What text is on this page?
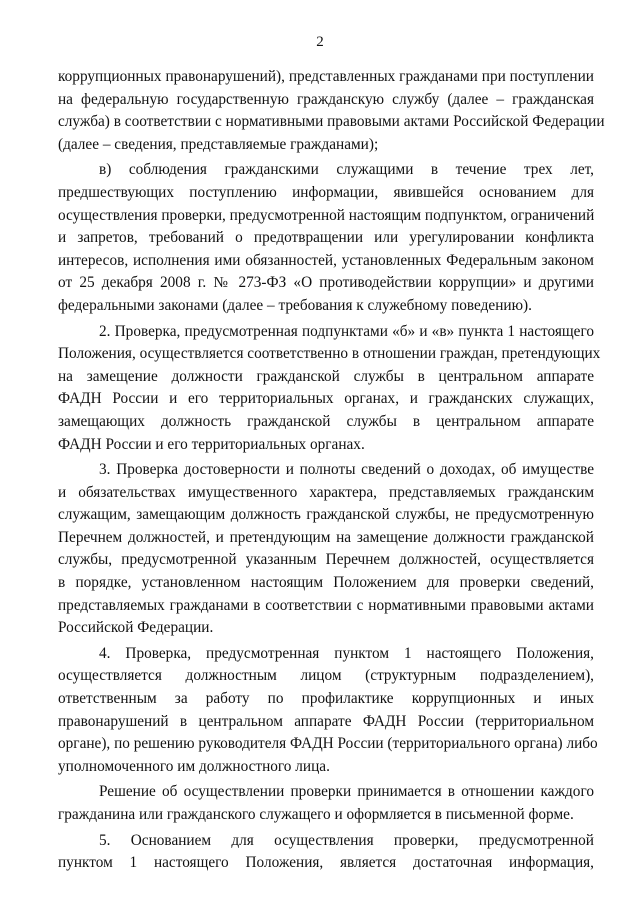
2
коррупционных правонарушений), представленных гражданами при поступлении
на федеральную государственную гражданскую службу (далее – гражданская
служба) в соответствии с нормативными правовыми актами Российской Федерации
(далее – сведения, представляемые гражданами);
в) соблюдения гражданскими служащими в течение трех лет,
предшествующих поступлению информации, явившейся основанием для
осуществления проверки, предусмотренной настоящим подпунктом, ограничений
и запретов, требований о предотвращении или урегулировании конфликта
интересов, исполнения ими обязанностей, установленных Федеральным законом
от 25 декабря 2008 г. № 273-ФЗ «О противодействии коррупции» и другими
федеральными законами (далее – требования к служебному поведению).
2. Проверка, предусмотренная подпунктами «б» и «в» пункта 1 настоящего
Положения, осуществляется соответственно в отношении граждан, претендующих
на замещение должности гражданской службы в центральном аппарате
ФАДН России и его территориальных органах, и гражданских служащих,
замещающих должность гражданской службы в центральном аппарате
ФАДН России и его территориальных органах.
3. Проверка достоверности и полноты сведений о доходах, об имуществе
и обязательствах имущественного характера, представляемых гражданским
служащим, замещающим должность гражданской службы, не предусмотренную
Перечнем должностей, и претендующим на замещение должности гражданской
службы, предусмотренной указанным Перечнем должностей, осуществляется
в порядке, установленном настоящим Положением для проверки сведений,
представляемых гражданами в соответствии с нормативными правовыми актами
Российской Федерации.
4. Проверка, предусмотренная пунктом 1 настоящего Положения,
осуществляется должностным лицом (структурным подразделением),
ответственным за работу по профилактике коррупционных и иных
правонарушений в центральном аппарате ФАДН России (территориальном
органе), по решению руководителя ФАДН России (территориального органа) либо
уполномоченного им должностного лица.
Решение об осуществлении проверки принимается в отношении каждого
гражданина или гражданского служащего и оформляется в письменной форме.
5. Основанием для осуществления проверки, предусмотренной
пунктом 1 настоящего Положения, является достаточная информация,
